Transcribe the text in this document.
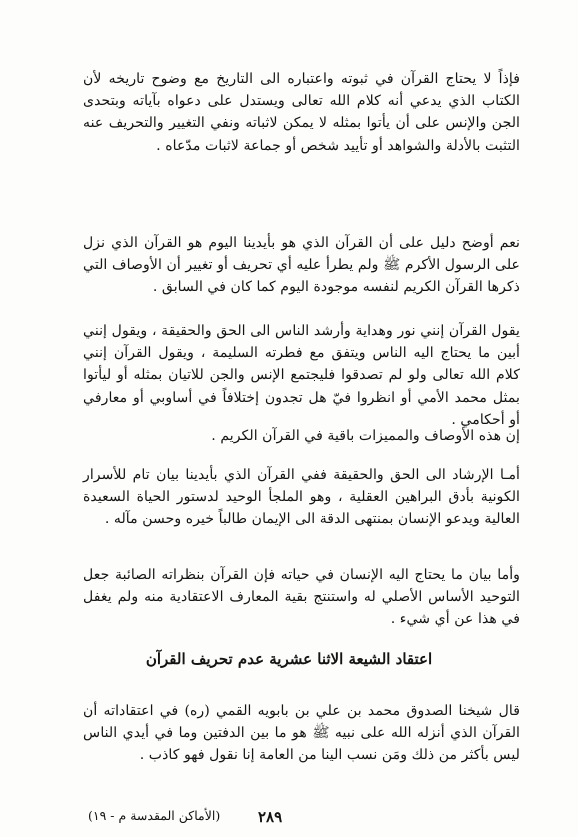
فإذاً لا يحتاج القرآن في ثبوته واعتباره الى التاريخ مع وضوح تاريخه لأن الكتاب الذي يدعي أنه كلام الله تعالى ويستدل على دعواه بآياته وبتحدى الجن والإنس على أن يأتوا بمثله لا يمكن لاثباته ونفي التغيير والتحريف عنه التثبت بالأدلة والشواهد أو تأييد شخص أو جماعة لاثبات مدّعاه .

نعم أوضح دليل على أن القرآن الذي هو بأيدينا اليوم هو القرآن الذي نزل على الرسول الأكرم ﷺ ولم يطرأ عليه أي تحريف أو تغيير أن الأوصاف التي ذكرها القرآن الكريم لنفسه موجودة اليوم كما كان في السابق .

يقول القرآن إنني نور وهداية وأرشد الناس الى الحق والحقيقة ، ويقول إنني أبين ما يحتاج اليه الناس ويتفق مع فطرته السليمة ، ويقول القرآن إنني كلام الله تعالى ولو لم تصدقوا فليجتمع الإنس والجن للاتيان بمثله أو ليأتوا بمثل محمد الأمي أو انظروا فيّ هل تجدون إختلافاً في أساوبي أو معارفي أو أحكامي .

إن هذه الأوصاف والمميزات باقية في القرآن الكريم .

أمـا الإرشاد الى الحق والحقيقة ففي القرآن الذي بأيدينا بيان تام للأسرار الكونية بأدق البراهين العقلية ، وهو الملجأ الوحيد لدستور الحياة السعيدة العالية ويدعو الإنسان بمنتهى الدقة الى الإيمان طالباً خيره وحسن مآله .

وأما بيان ما يحتاج اليه الإنسان في حياته فإن القرآن بنظراته الصائبة جعل التوحيد الأساس الأصلي له واستنتج بقية المعارف الاعتقادية منه ولم يغفل في هذا عن أي شيء .

اعتقاد الشيعة الاثنا عشرية عدم تحريف القرآن

قال شيخنا الصدوق محمد بن علي بن بابويه القمي (ره) في اعتقاداته أن القرآن الذي أنزله الله على نبيه ﷺ هو ما بين الدفتين وما في أيدي الناس ليس بأكثر من ذلك ومَن نسب الينا من العامة إنا نقول فهو كاذب .

٢٨٩
(الأماكن المقدسة م - ١٩)
